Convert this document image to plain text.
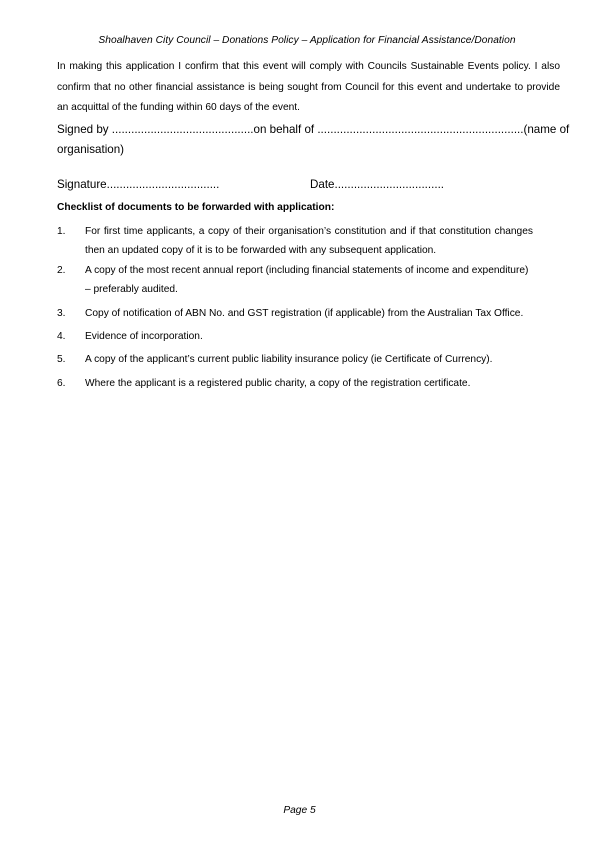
Shoalhaven City Council – Donations Policy – Application for Financial Assistance/Donation

In making this application I confirm that this event will comply with Councils Sustainable Events policy. I also confirm that no other financial assistance is being sought from Council for this event and undertake to provide an acquittal of the funding within 60 days of the event.

Signed by ............................................on behalf of ................................................................(name of
organisation)
Signature...................................	Date..................................
Checklist of documents to be forwarded with application:
1.	For first time applicants, a copy of their organisation’s constitution and if that constitution changes then an updated copy of it is to be forwarded with any subsequent application.
2.	A copy of the most recent annual report (including financial statements of income and expenditure)
– preferably audited.
3.	Copy of notification of ABN No. and GST registration (if applicable) from the Australian Tax Office.
4.	Evidence of incorporation.
5.	A copy of the applicant’s current public liability insurance policy (ie Certificate of Currency).
6.	Where the applicant is a registered public charity, a copy of the registration certificate.
Page 5
